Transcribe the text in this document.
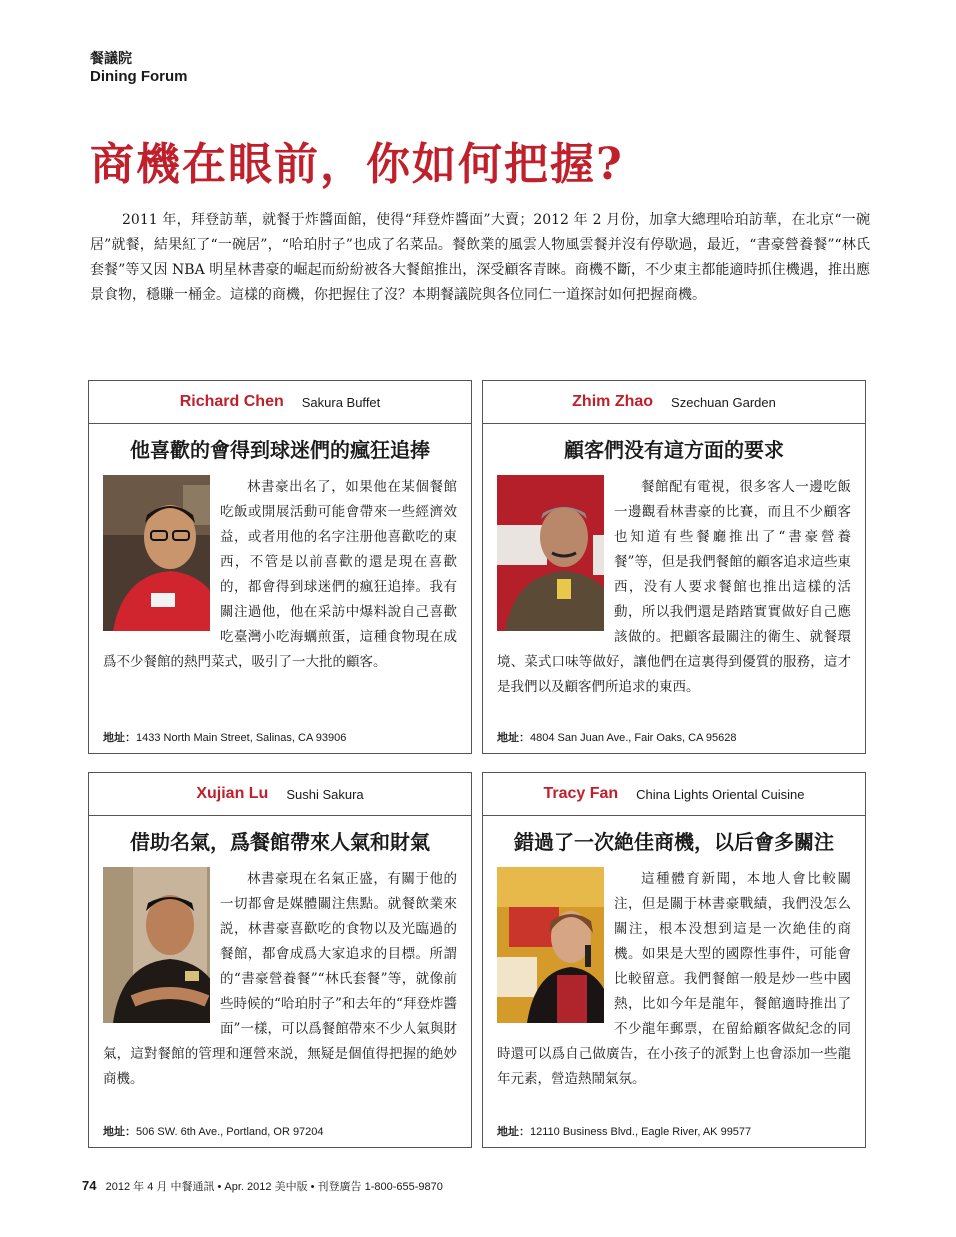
餐議院
Dining Forum
商機在眼前，你如何把握?
2011 年，拜登訪華，就餐于炸醬面館，使得“拜登炸醬面”大賣；2012 年 2 月份，加拿大總理哈珀訪華，在北京“一碗居”就餐，結果紅了“一碗居”，“哈珀肘子”也成了名菜品。餐飲業的風雲人物風雲餐并沒有停歇過，最近，“書豪營養餐”“林氏套餐”等又因 NBA 明星林書豪的崛起而紛紛被各大餐館推出，深受顧客青睞。商機不斷，不少東主都能適時抓住機遇，推出應景食物，穩賺一桶金。這樣的商機，你把握住了沒？本期餐議院與各位同仁一道探討如何把握商機。
Richard Chen Sakura Buffet
他喜歡的會得到球迷們的瘋狂追捧
林書豪出名了，如果他在某個餐館吃飯或開展活動可能會帶來一些經濟效益，或者用他的名字注册他喜歡吃的東西，不管是以前喜歡的還是現在喜歡的，都會得到球迷們的瘋狂追捧。我有關注過他，他在采訪中爆料說自己喜歡吃臺灣小吃海蠣煎蛋，這種食物現在成爲不少餐館的熱門菜式，吸引了一大批的顧客。
地址：1433 North Main Street, Salinas, CA 93906
Zhim Zhao Szechuan Garden
顧客們没有這方面的要求
餐館配有電視，很多客人一邊吃飯一邊觀看林書豪的比賽，而且不少顧客也知道有些餐廳推出了“書豪營養餐”等，但是我們餐館的顧客追求這些東西，没有人要求餐館也推出這樣的活動，所以我們還是踏踏實實做好自己應該做的。把顧客最關注的衛生、就餐環境、菜式口味等做好，讓他們在這裏得到優質的服務，這才是我們以及顧客們所追求的東西。
地址：4804 San Juan Ave., Fair Oaks, CA 95628
Xujian Lu Sushi Sakura
借助名氣，爲餐館帶來人氣和財氣
林書豪現在名氣正盛，有關于他的一切都會是媒體關注焦點。就餐飲業來説，林書豪喜歡吃的食物以及光臨過的餐館，都會成爲大家追求的目標。所謂的“書豪營養餐”“林氏套餐”等，就像前些時候的“哈珀肘子”和去年的“拜登炸醬面”一樣，可以爲餐館帶來不少人氣與財氣，這對餐館的管理和運營來説，無疑是個值得把握的絶妙商機。
地址：506 SW. 6th Ave., Portland, OR 97204
Tracy Fan China Lights Oriental Cuisine
錯過了一次絶佳商機，以后會多關注
這種體育新聞，本地人會比較關注，但是關于林書豪戰績，我們没怎么關注，根本没想到這是一次絶佳的商機。如果是大型的國際性事件，可能會比較留意。我們餐館一般是炒一些中國熱，比如今年是龍年，餐館適時推出了不少龍年郵票，在留給顧客做紀念的同時還可以爲自己做廣告，在小孩子的派對上也會添加一些龍年元素，營造熱鬧氣氛。
地址：12110 Business Blvd., Eagle River, AK 99577
74 2012 年 4 月 中餐通訊 • Apr. 2012 美中版 • 刊登廣告 1-800-655-9870
